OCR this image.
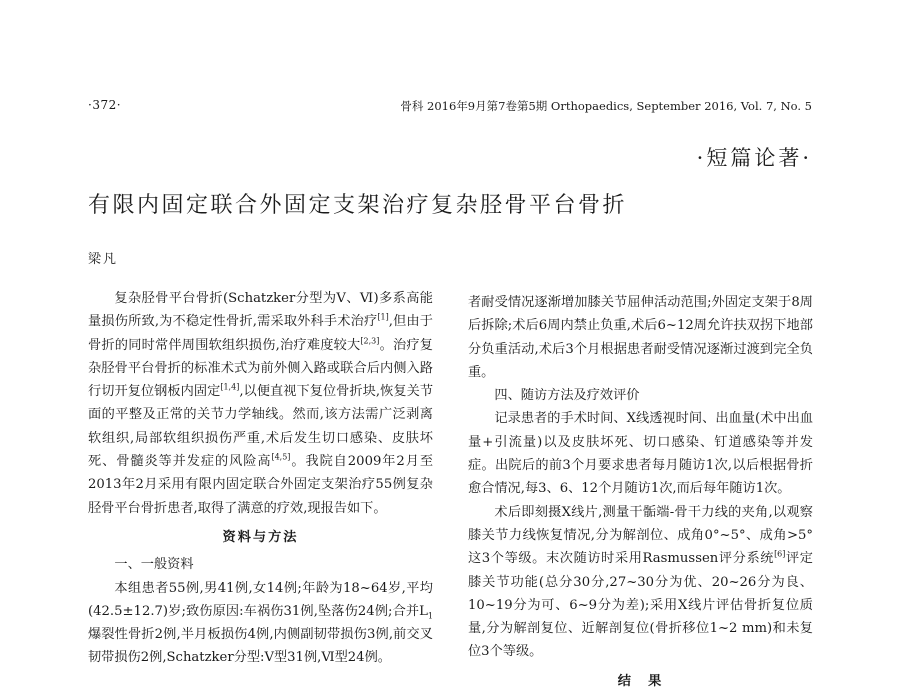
·372·	骨科 2016年9月第7卷第5期 Orthopaedics, September 2016, Vol. 7, No. 5
·短篇论著·
有限内固定联合外固定支架治疗复杂胫骨平台骨折
梁凡

复杂胫骨平台骨折(Schatzker分型为Ⅴ、Ⅵ)多系高能量损伤所致,为不稳定性骨折,需采取外科手术治疗[1],但由于骨折的同时常伴周围软组织损伤,治疗难度较大[2,3]。治疗复杂胫骨平台骨折的标准术式为前外侧入路或联合后内侧入路行切开复位钢板内固定[1,4],以便直视下复位骨折块,恢复关节面的平整及正常的关节力学轴线。然而,该方法需广泛剥离软组织,局部软组织损伤严重,术后发生切口感染、皮肤坏死、骨髓炎等并发症的风险高[4,5]。我院自2009年2月至2013年2月采用有限内固定联合外固定支架治疗55例复杂胫骨平台骨折患者,取得了满意的疗效,现报告如下。

资料与方法

一、一般资料

本组患者55例,男41例,女14例;年龄为18~64岁,平均(42.5±12.7)岁;致伤原因:车祸伤31例,坠落伤24例;合并$L_1$爆裂性骨折2例,半月板损伤4例,内侧副韧带损伤3例,前交叉韧带损伤2例,Schatzker分型:Ⅴ型31例,Ⅵ型24例。

者耐受情况逐渐增加膝关节屈伸活动范围;外固定支架于8周后拆除;术后6周内禁止负重,术后6~12周允许扶双拐下地部分负重活动,术后3个月根据患者耐受情况逐渐过渡到完全负重。

四、随访方法及疗效评价

记录患者的手术时间、X线透视时间、出血量(术中出血量+引流量)以及皮肤坏死、切口感染、钉道感染等并发症。出院后的前3个月要求患者每月随访1次,以后根据骨折愈合情况,每3、6、12个月随访1次,而后每年随访1次。

术后即刻摄X线片,测量干骺端-骨干力线的夹角,以观察膝关节力线恢复情况,分为解剖位、成角0°~5°、成角>5°这3个等级。末次随访时采用Rasmussen评分系统[6]评定膝关节功能(总分30分,27~30分为优、20~26分为良、10~19分为可、6~9分为差);采用X线片评估骨折复位质量,分为解剖复位、近解剖复位(骨折移位1~2 mm)和未复位3个等级。

结　果
